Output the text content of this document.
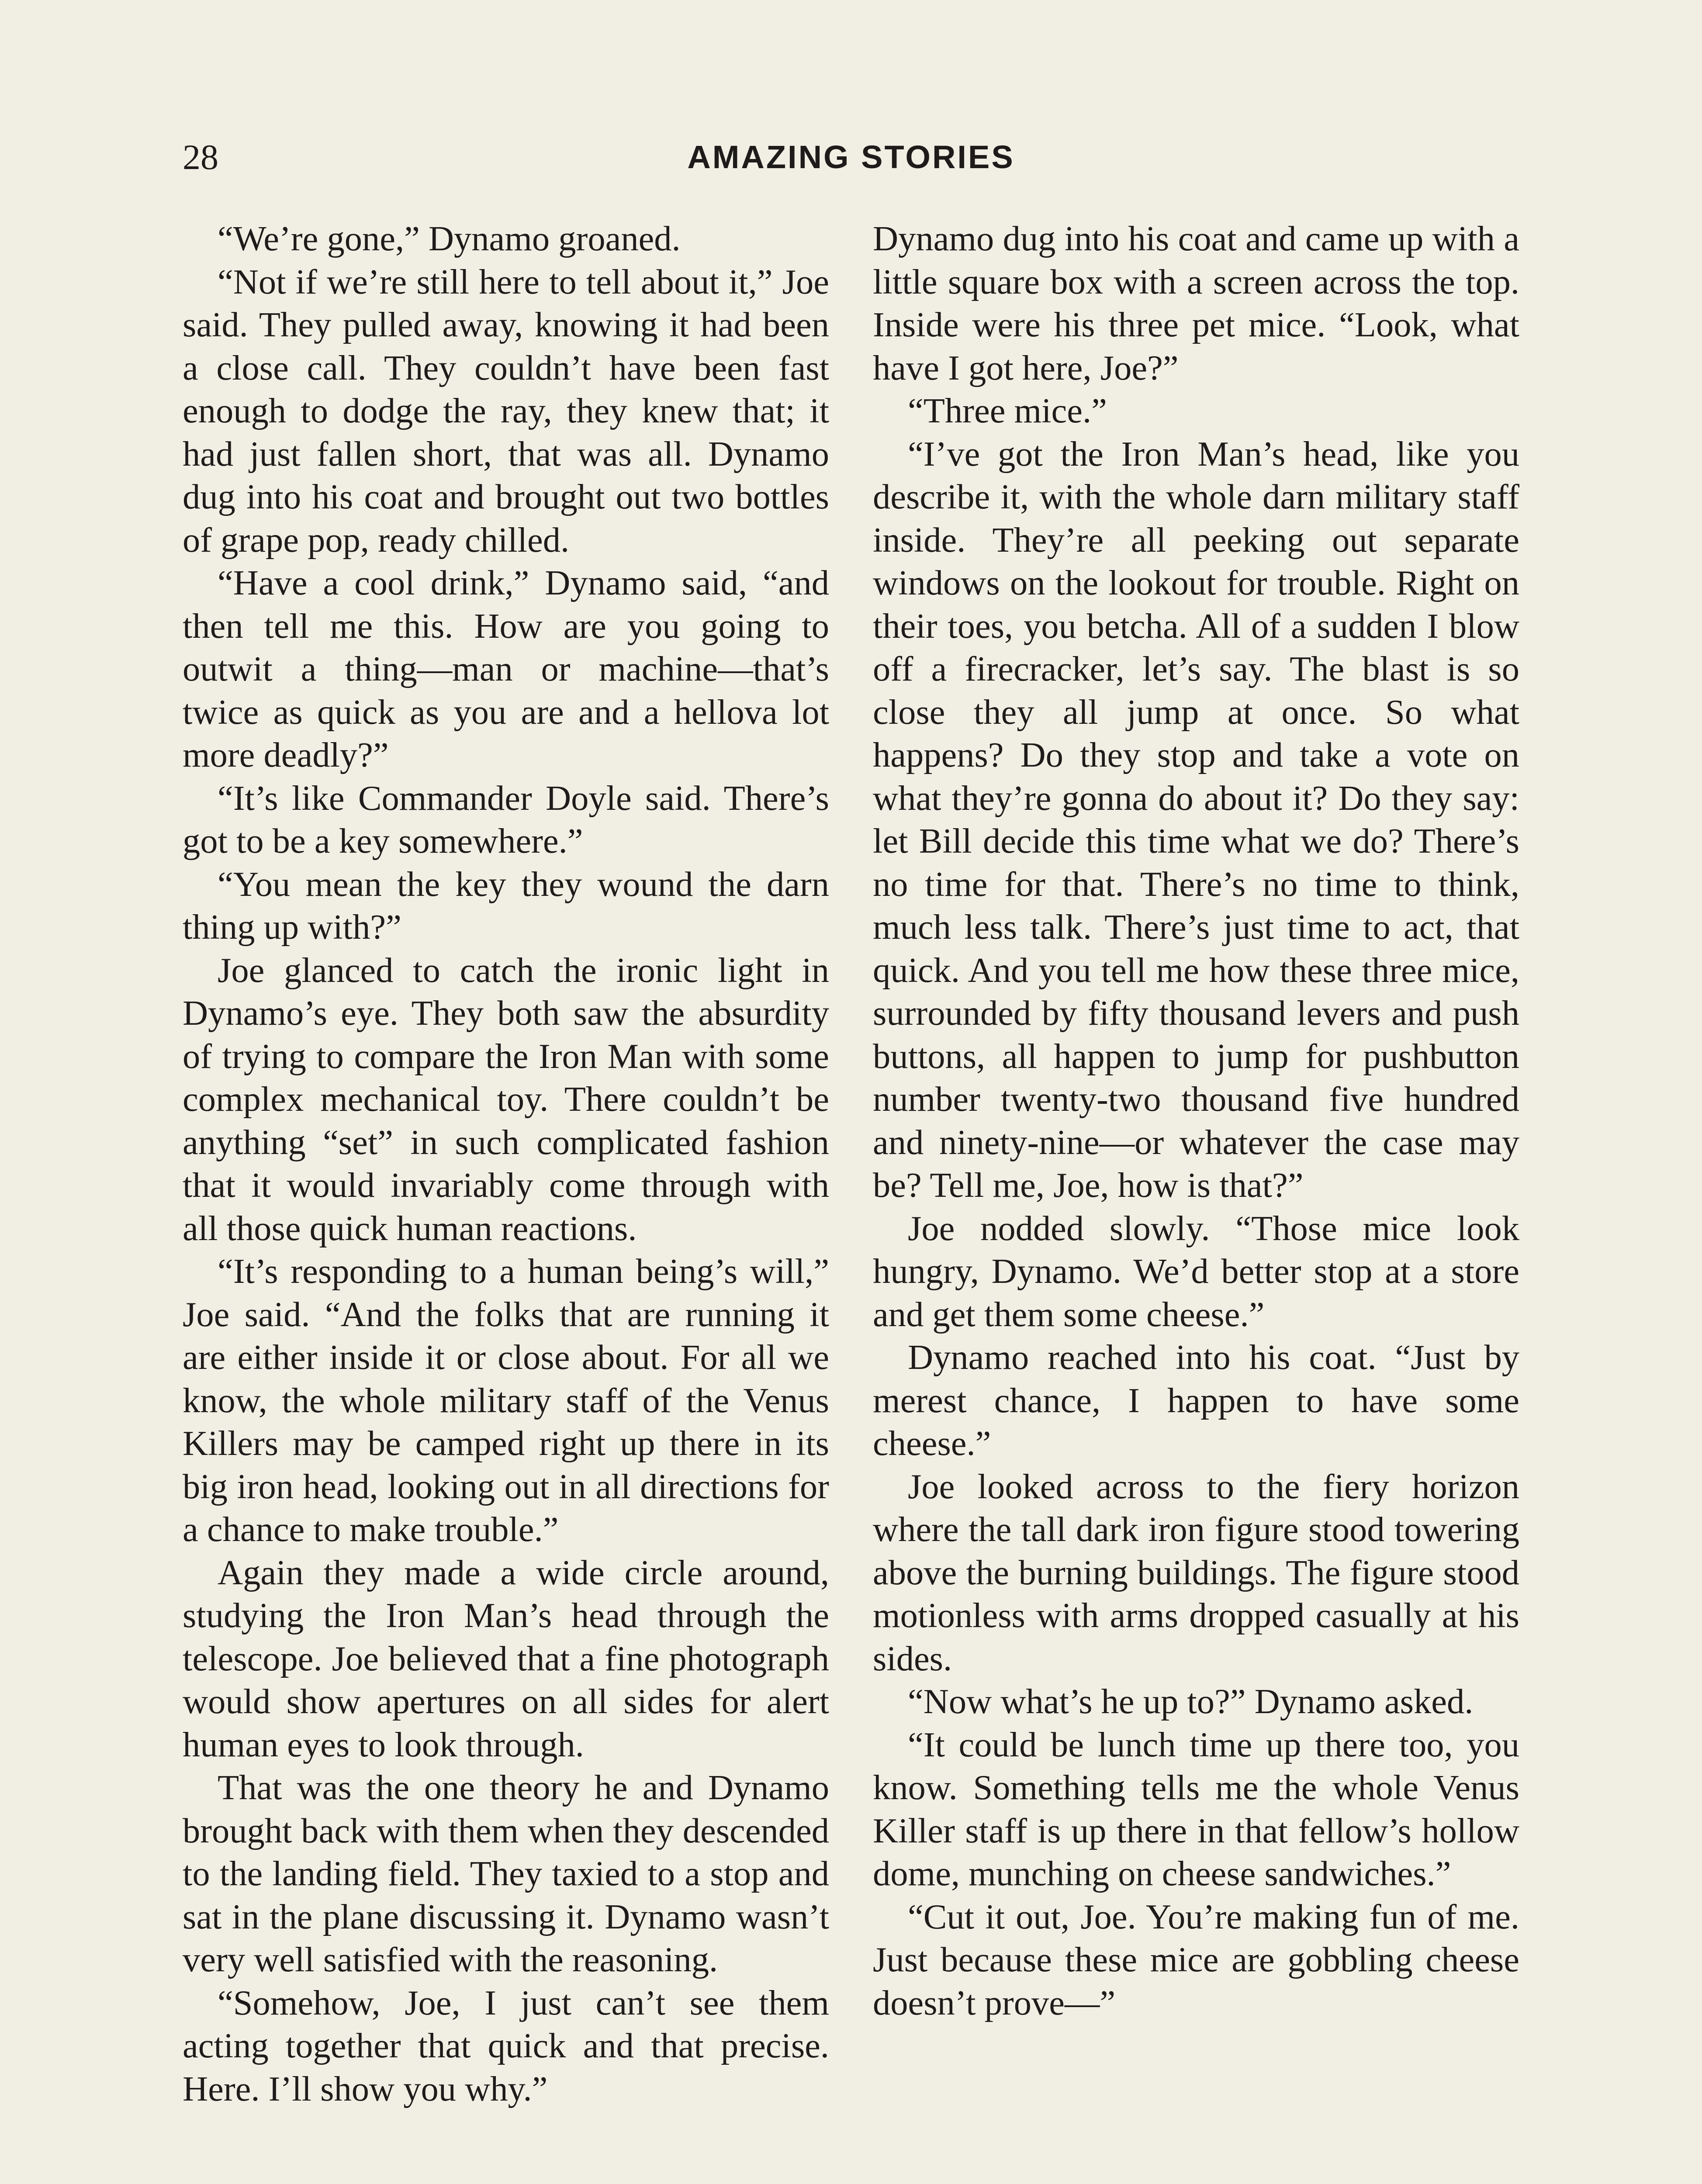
28	AMAZING STORIES

“We’re gone,” Dynamo groaned.

“Not if we’re still here to tell about it,” Joe said. They pulled away, knowing it had been a close call. They couldn’t have been fast enough to dodge the ray, they knew that; it had just fallen short, that was all. Dynamo dug into his coat and brought out two bottles of grape pop, ready chilled.

“Have a cool drink,” Dynamo said, “and then tell me this. How are you going to outwit a thing—man or machine—that’s twice as quick as you are and a hellova lot more deadly?”

“It’s like Commander Doyle said. There’s got to be a key somewhere.”

“You mean the key they wound the darn thing up with?”

Joe glanced to catch the ironic light in Dynamo’s eye. They both saw the absurdity of trying to compare the Iron Man with some complex mechanical toy. There couldn’t be anything “set” in such complicated fashion that it would invariably come through with all those quick human reactions.

“It’s responding to a human being’s will,” Joe said. “And the folks that are running it are either inside it or close about. For all we know, the whole military staff of the Venus Killers may be camped right up there in its big iron head, looking out in all directions for a chance to make trouble.”

Again they made a wide circle around, studying the Iron Man’s head through the telescope. Joe believed that a fine photograph would show apertures on all sides for alert human eyes to look through.

That was the one theory he and Dynamo brought back with them when they descended to the landing field. They taxied to a stop and sat in the plane discussing it. Dynamo wasn’t very well satisfied with the reasoning.

“Somehow, Joe, I just can’t see them acting together that quick and that precise. Here. I’ll show you why.”

Dynamo dug into his coat and came up with a little square box with a screen across the top. Inside were his three pet mice. “Look, what have I got here, Joe?”

“Three mice.”

“I’ve got the Iron Man’s head, like you describe it, with the whole darn military staff inside. They’re all peeking out separate windows on the lookout for trouble. Right on their toes, you betcha. All of a sudden I blow off a firecracker, let’s say. The blast is so close they all jump at once. So what happens? Do they stop and take a vote on what they’re gonna do about it? Do they say: let Bill decide this time what we do? There’s no time for that. There’s no time to think, much less talk. There’s just time to act, that quick. And you tell me how these three mice, surrounded by fifty thousand levers and push buttons, all happen to jump for pushbutton number twenty-two thousand five hundred and ninety-nine—or whatever the case may be? Tell me, Joe, how is that?”

Joe nodded slowly. “Those mice look hungry, Dynamo. We’d better stop at a store and get them some cheese.”

Dynamo reached into his coat. “Just by merest chance, I happen to have some cheese.”

Joe looked across to the fiery horizon where the tall dark iron figure stood towering above the burning buildings. The figure stood motionless with arms dropped casually at his sides.

“Now what’s he up to?” Dynamo asked.

“It could be lunch time up there too, you know. Something tells me the whole Venus Killer staff is up there in that fellow’s hollow dome, munching on cheese sandwiches.”

“Cut it out, Joe. You’re making fun of me. Just because these mice are gobbling cheese doesn’t prove—”
